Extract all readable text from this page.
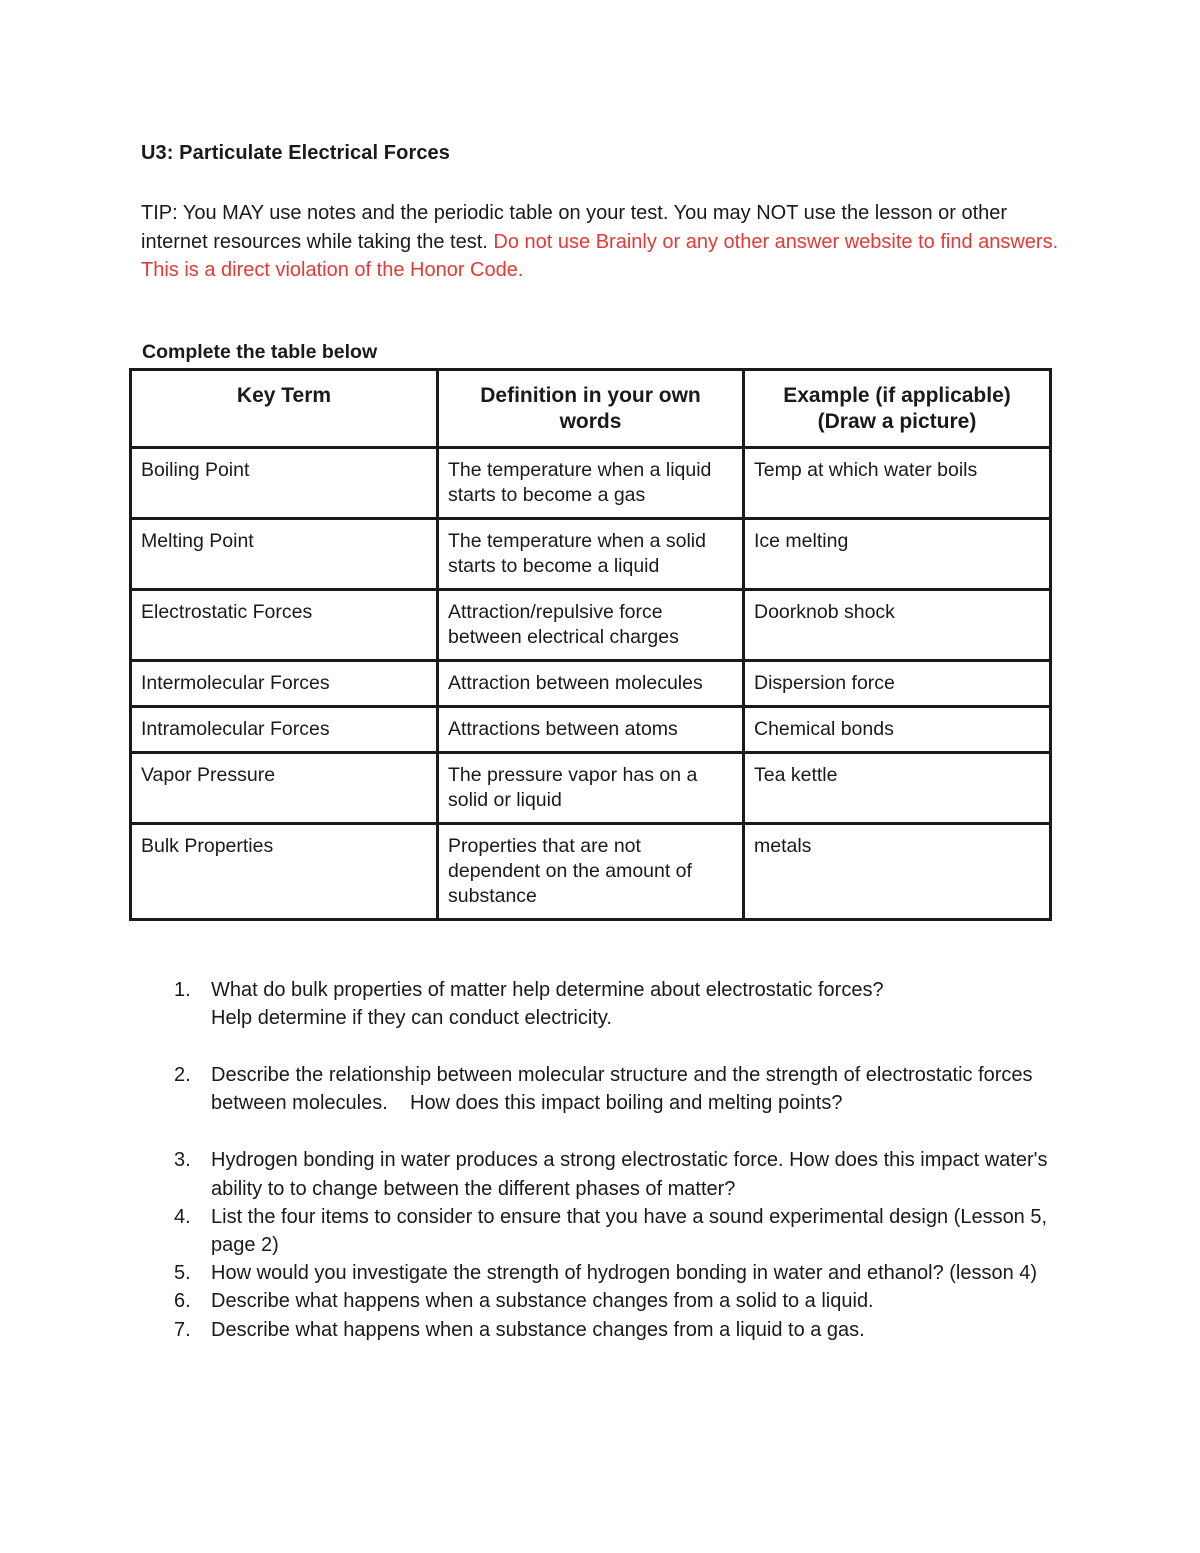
U3: Particulate Electrical Forces
TIP: You MAY use notes and the periodic table on your test. You may NOT use the lesson or other internet resources while taking the test. Do not use Brainly or any other answer website to find answers. This is a direct violation of the Honor Code.
Complete the table below
Key Term	Definition in your own words	Example (if applicable) (Draw a picture)
Boiling Point	The temperature when a liquid starts to become a gas	Temp at which water boils
Melting Point	The temperature when a solid starts to become a liquid	Ice melting
Electrostatic Forces	Attraction/repulsive force between electrical charges	Doorknob shock
Intermolecular Forces	Attraction between molecules	Dispersion force
Intramolecular Forces	Attractions between atoms	Chemical bonds
Vapor Pressure	The pressure vapor has on a solid or liquid	Tea kettle
Bulk Properties	Properties that are not dependent on the amount of substance	metals
1.	What do bulk properties of matter help determine about electrostatic forces?
Help determine if they can conduct electricity.
2.	Describe the relationship between molecular structure and the strength of electrostatic forces between molecules.    How does this impact boiling and melting points?
3.	Hydrogen bonding in water produces a strong electrostatic force. How does this impact water's ability to to change between the different phases of matter?
4.	List the four items to consider to ensure that you have a sound experimental design (Lesson 5, page 2)
5.	How would you investigate the strength of hydrogen bonding in water and ethanol? (lesson 4)
6.	Describe what happens when a substance changes from a solid to a liquid.
7.	Describe what happens when a substance changes from a liquid to a gas.
